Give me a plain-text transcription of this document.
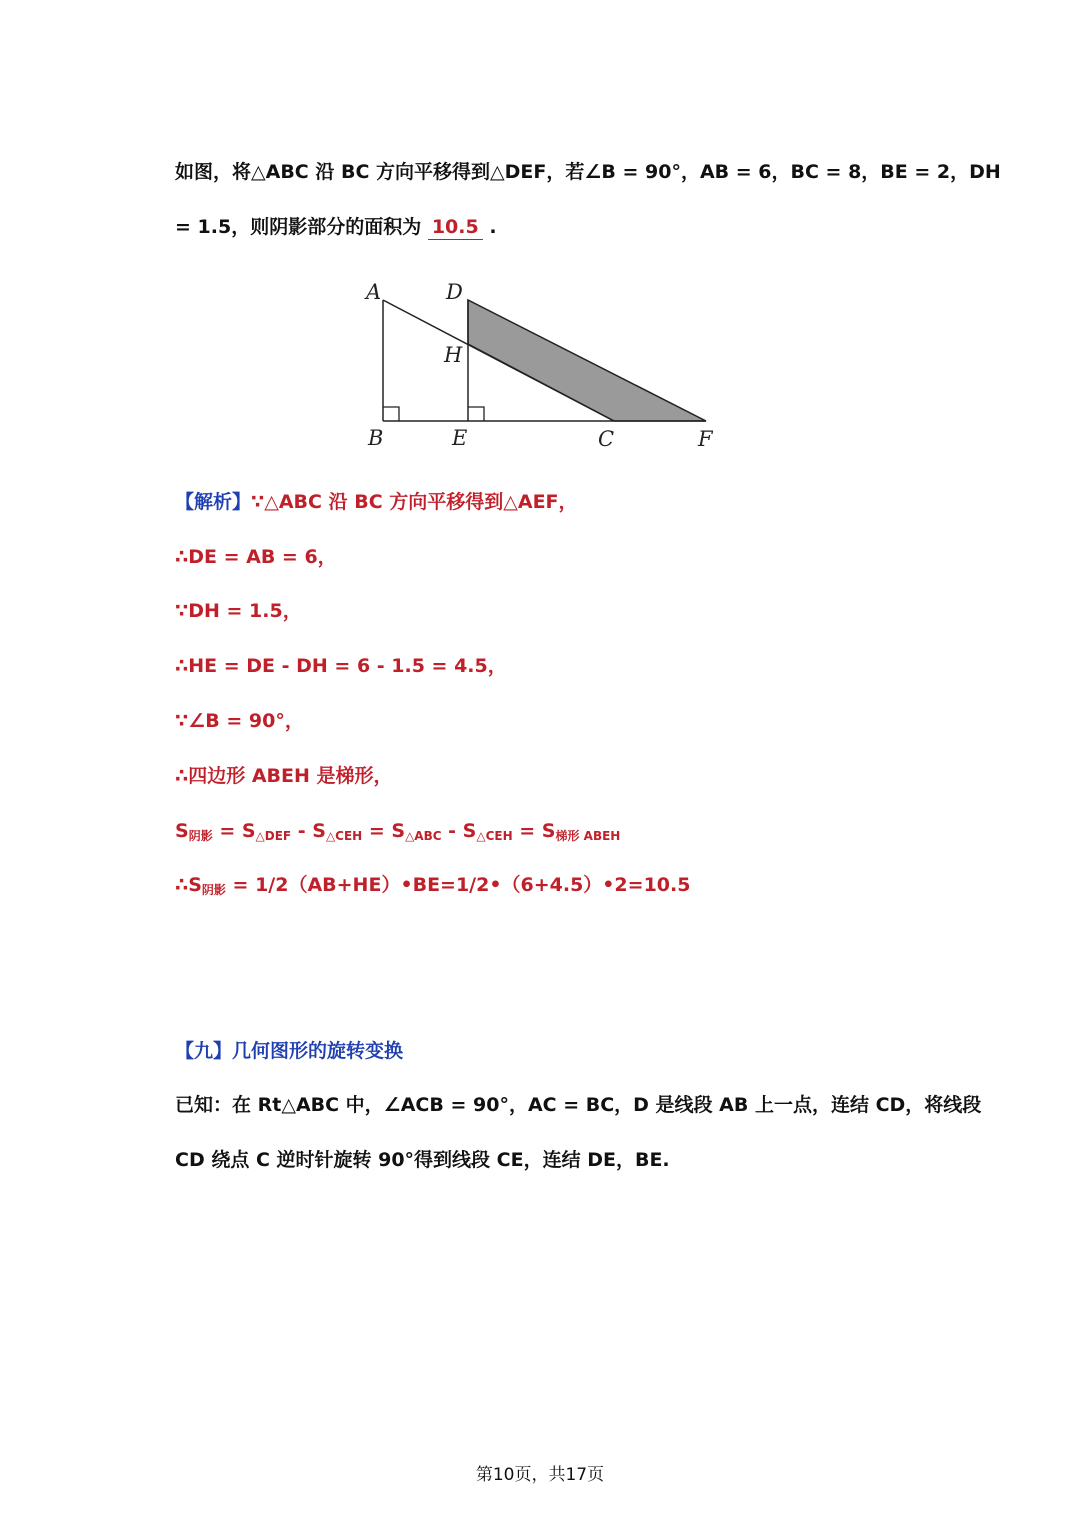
如图，将△ABC 沿 BC 方向平移得到△DEF，若∠B = 90°，AB = 6，BC = 8，BE = 2，DH
= 1.5，则阴影部分的面积为 10.5 .
A	D
H
B	E	C	F
【解析】∵△ABC 沿 BC 方向平移得到△AEF，
∴DE = AB = 6，
∵DH = 1.5，
∴HE = DE - DH = 6 - 1.5 = 4.5，
∵∠B = 90°，
∴四边形 ABEH 是梯形，
$S_{阴影} = S_{\triangle DEF} - S_{\triangle CEH} = S_{\triangle ABC} - S_{\triangle CEH} = S_{梯形 ABEH}$
$\therefore S_{阴影}$ = 1/2（AB+HE）•BE=1/2•（6+4.5）•2=10.5
【九】几何图形的旋转变换
已知：在 Rt△ABC 中，∠ACB = 90°，AC = BC，D 是线段 AB 上一点，连结 CD，将线段
CD 绕点 C 逆时针旋转 90°得到线段 CE，连结 DE，BE.
第10页，共17页
